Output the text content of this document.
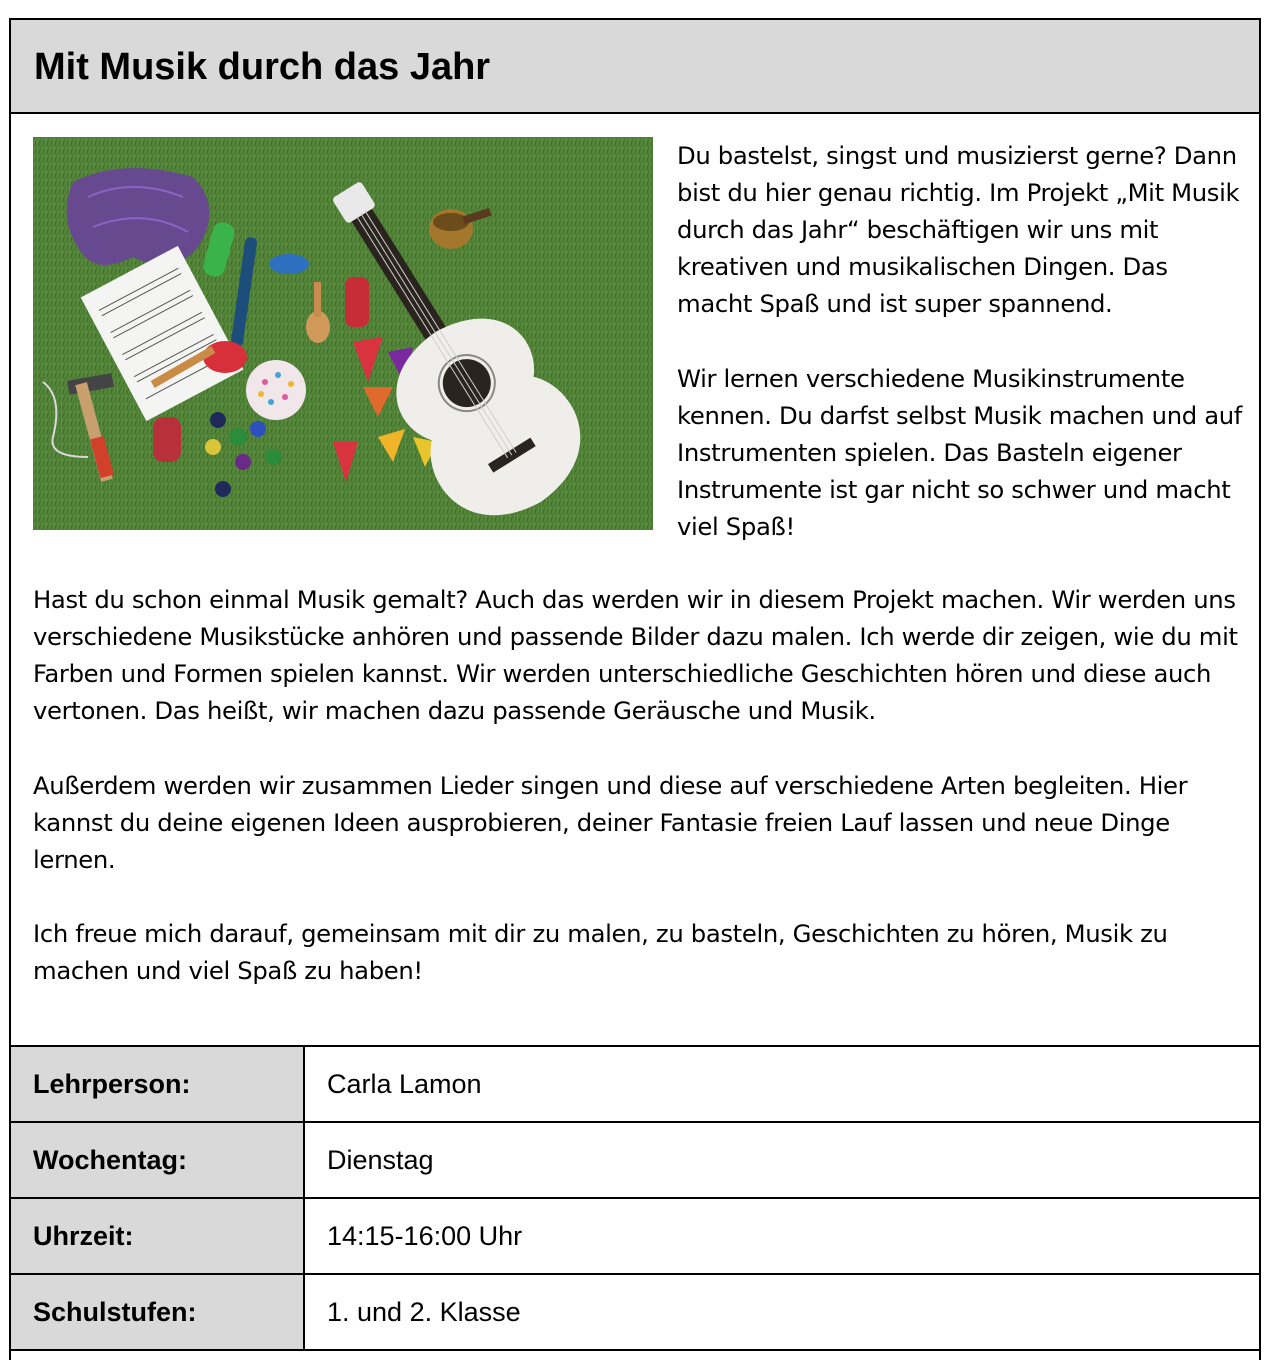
Mit Musik durch das Jahr

Du bastelst, singst und musizierst gerne? Dann bist du hier genau richtig. Im Projekt „Mit Musik durch das Jahr“ beschäftigen wir uns mit kreativen und musikalischen Dingen. Das macht Spaß und ist super spannend.

Wir lernen verschiedene Musikinstrumente kennen. Du darfst selbst Musik machen und auf Instrumenten spielen. Das Basteln eigener Instrumente ist gar nicht so schwer und macht viel Spaß!

Hast du schon einmal Musik gemalt? Auch das werden wir in diesem Projekt machen. Wir werden uns verschiedene Musikstücke anhören und passende Bilder dazu malen. Ich werde dir zeigen, wie du mit Farben und Formen spielen kannst. Wir werden unterschiedliche Geschichten hören und diese auch vertonen. Das heißt, wir machen dazu passende Geräusche und Musik.

Außerdem werden wir zusammen Lieder singen und diese auf verschiedene Arten begleiten. Hier kannst du deine eigenen Ideen ausprobieren, deiner Fantasie freien Lauf lassen und neue Dinge lernen.

Ich freue mich darauf, gemeinsam mit dir zu malen, zu basteln, Geschichten zu hören, Musik zu machen und viel Spaß zu haben!

Lehrperson:	Carla Lamon
Wochentag:	Dienstag
Uhrzeit:	14:15-16:00 Uhr
Schulstufen:	1. und 2. Klasse
